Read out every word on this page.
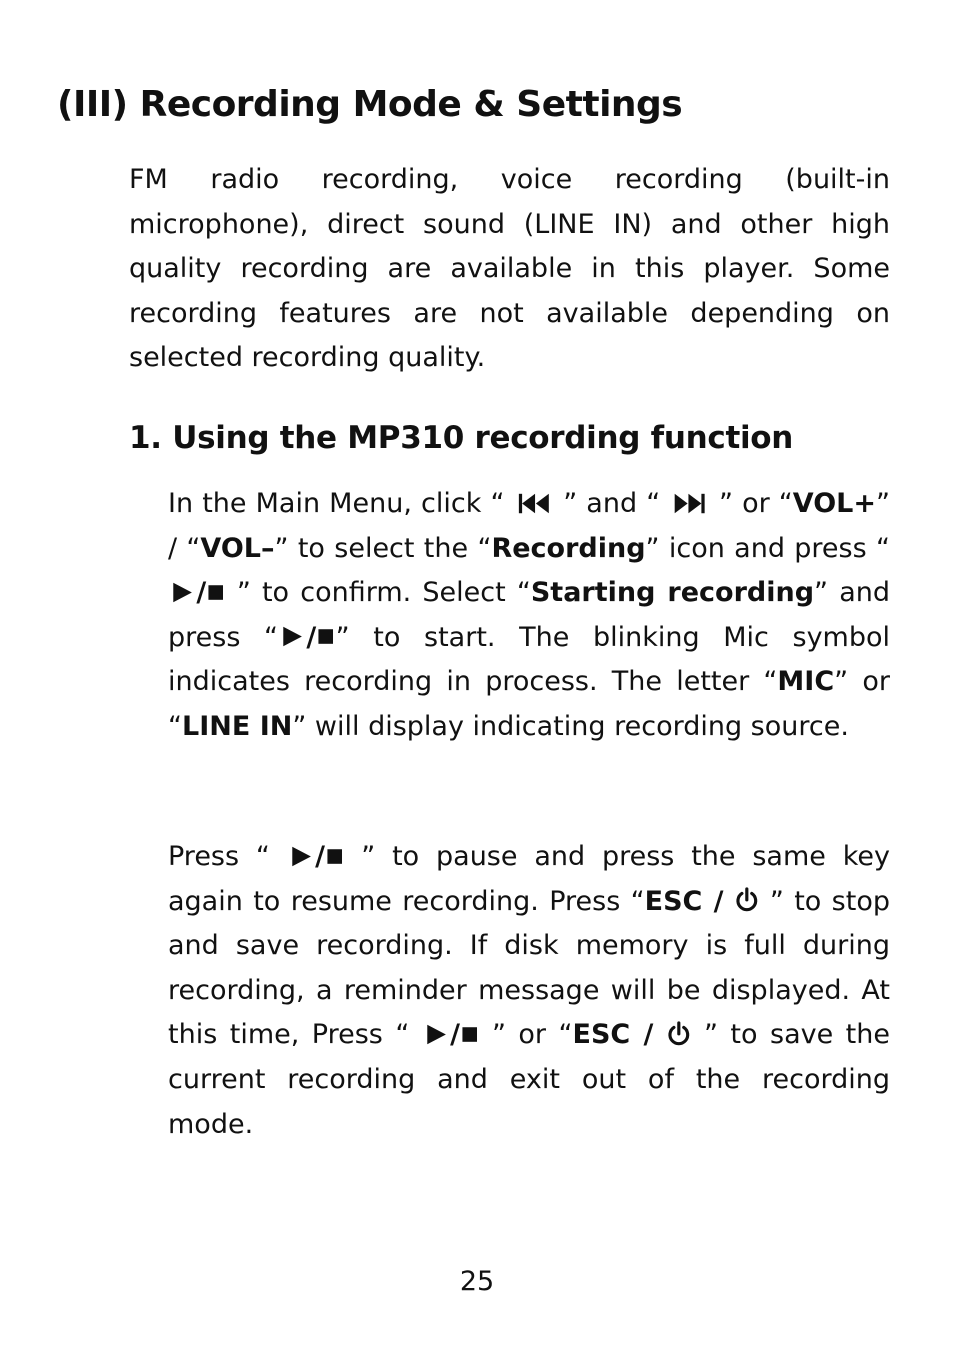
(III) Recording Mode & Settings

FM radio recording, voice recording (built-in microphone), direct sound (LINE IN) and other high quality recording are available in this player. Some recording features are not available depending on selected recording quality.

1. Using the MP310 recording function

In the Main Menu, click “ ” and “ ” or “VOL+” / “VOL–” to select the “Recording” icon and press “ / ” to confirm. Select “Starting recording” and press “ / ” to start. The blinking Mic symbol indicates recording in process. The letter “MIC” or “LINE IN” will display indicating recording source.

Press “ / ” to pause and press the same key again to resume recording. Press “ESC / ” to stop and save recording. If disk memory is full during recording, a reminder message will be displayed. At this time, Press “ / ” or “ESC / ” to save the current recording and exit out of the recording mode.

25
